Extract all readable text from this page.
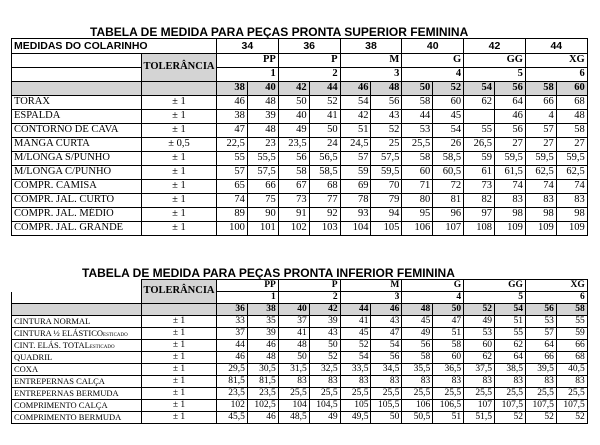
TABELA DE MEDIDA PARA PEÇAS PRONTA SUPERIOR FEMININA
MEDIDAS DO COLARINHO		34		36		38		40		42		44	
	TOLERÂNCIA	PP		P		M		G		GG		XG	
		1		2		3		4		5		6	
		38	40	42	44	46	48	50	52	54	56	58	60
TORAX	± 1	46	48	50	52	54	56	58	60	62	64	66	68
ESPALDA	± 1	38	39	40	41	42	43	44	45		46	4	48
CONTORNO DE CAVA	± 1	47	48	49	50	51	52	53	54	55	56	57	58
MANGA CURTA	± 0,5	22,5	23	23,5	24	24,5	25	25,5	26	26,5	27	27	27
M/LONGA S/PUNHO	± 1	55	55,5	56	56,5	57	57,5	58	58,5	59	59,5	59,5	59,5
M/LONGA C/PUNHO	± 1	57	57,5	58	58,5	59	59,5	60	60,5	61	61,5	62,5	62,5
COMPR. CAMISA	± 1	65	66	67	68	69	70	71	72	73	74	74	74
COMPR. JAL. CURTO	± 1	74	75	73	77	78	79	80	81	82	83	83	83
COMPR. JAL. MÉDIO	± 1	89	90	91	92	93	94	95	96	97	98	98	98
COMPR. JAL. GRANDE	± 1	100	101	102	103	104	105	106	107	108	109	109	109
TABELA DE MEDIDA PARA PEÇAS PRONTA INFERIOR FEMININA
	TOLERÂNCIA	PP		P		M		G		GG		XG	
		1		2		3		4		5		6	
		36	38	40	42	44	46	48	50	52	54	56	58
CINTURA NORMAL	± 1	33	35	37	39	41	43	45	47	49	51	53	55
CINTURA ½ ELÁSTICOESTICADO	± 1	37	39	41	43	45	47	49	51	53	55	57	59
CINT. ELÁS. TOTALESTICADO	± 1	44	46	48	50	52	54	56	58	60	62	64	66
QUADRIL	± 1	46	48	50	52	54	56	58	60	62	64	66	68
COXA	± 1	29,5	30,5	31,5	32,5	33,5	34,5	35,5	36,5	37,5	38,5	39,5	40,5
ENTREPERNAS CALÇA	± 1	81,5	81,5	83	83	83	83	83	83	83	83	83	83
ENTREPERNAS BERMUDA	± 1	23,5	23,5	25,5	25,5	25,5	25,5	25,5	25,5	25,5	25,5	25,5	25,5
COMPRIMENTO CALÇA	± 1	102	102,5	104	104,5	105	105,5	106	106,5	107	107,5	107,5	107,5
COMPRIMENTO BERMUDA	± 1	45,5	46	48,5	49	49,5	50	50,5	51	51,5	52	52	52
